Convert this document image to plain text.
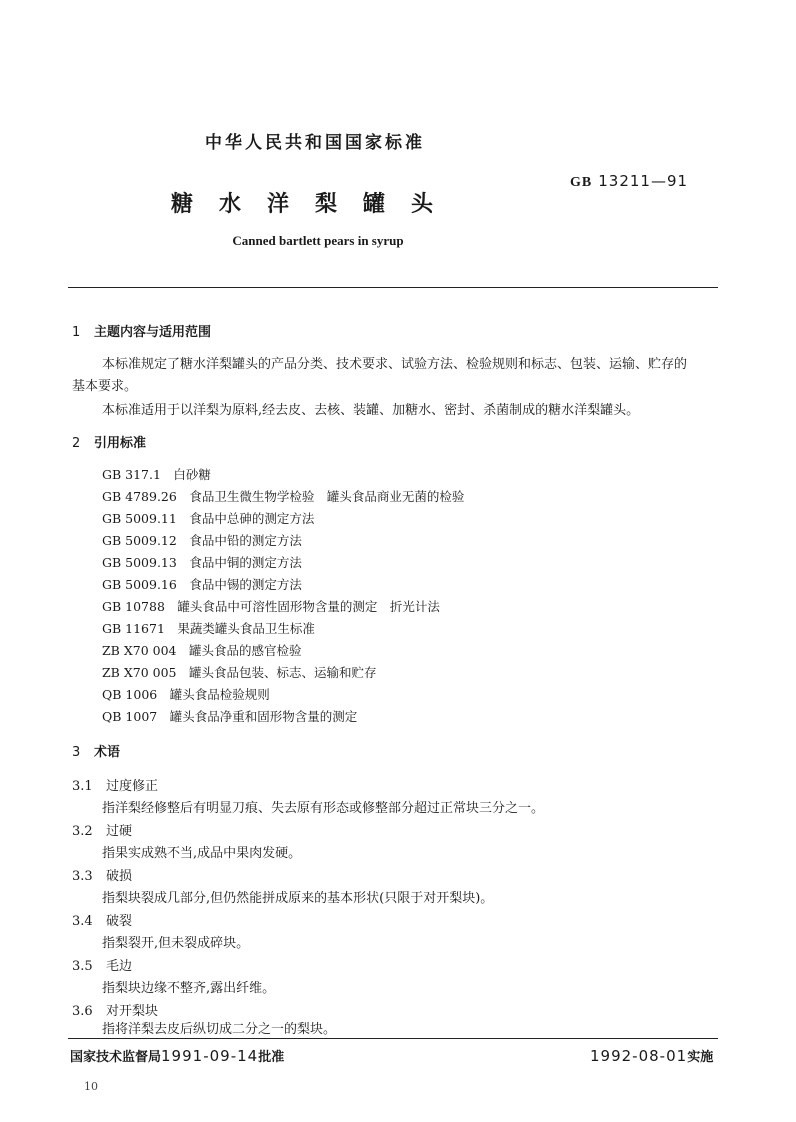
中华人民共和国国家标准
GB 13211—91
糖水洋梨罐头
Canned bartlett pears in syrup
1 主题内容与适用范围
本标准规定了糖水洋梨罐头的产品分类、技术要求、试验方法、检验规则和标志、包装、运输、贮存的
基本要求。
本标准适用于以洋梨为原料,经去皮、去核、装罐、加糖水、密封、杀菌制成的糖水洋梨罐头。
2 引用标准
GB 317.1　白砂糖
GB 4789.26　食品卫生微生物学检验　罐头食品商业无菌的检验
GB 5009.11　食品中总砷的测定方法
GB 5009.12　食品中铅的测定方法
GB 5009.13　食品中铜的测定方法
GB 5009.16　食品中锡的测定方法
GB 10788　罐头食品中可溶性固形物含量的测定　折光计法
GB 11671　果蔬类罐头食品卫生标准
ZB X70 004　罐头食品的感官检验
ZB X70 005　罐头食品包装、标志、运输和贮存
QB 1006　罐头食品检验规则
QB 1007　罐头食品净重和固形物含量的测定
3 术语
3.1 过度修正
指洋梨经修整后有明显刀痕、失去原有形态或修整部分超过正常块三分之一。
3.2 过硬
指果实成熟不当,成品中果肉发硬。
3.3 破损
指梨块裂成几部分,但仍然能拼成原来的基本形状(只限于对开梨块)。
3.4 破裂
指梨裂开,但未裂成碎块。
3.5 毛边
指梨块边缘不整齐,露出纤维。
3.6 对开梨块
指将洋梨去皮后纵切成二分之一的梨块。
国家技术监督局1991-09-14批准	1992-08-01实施
10
